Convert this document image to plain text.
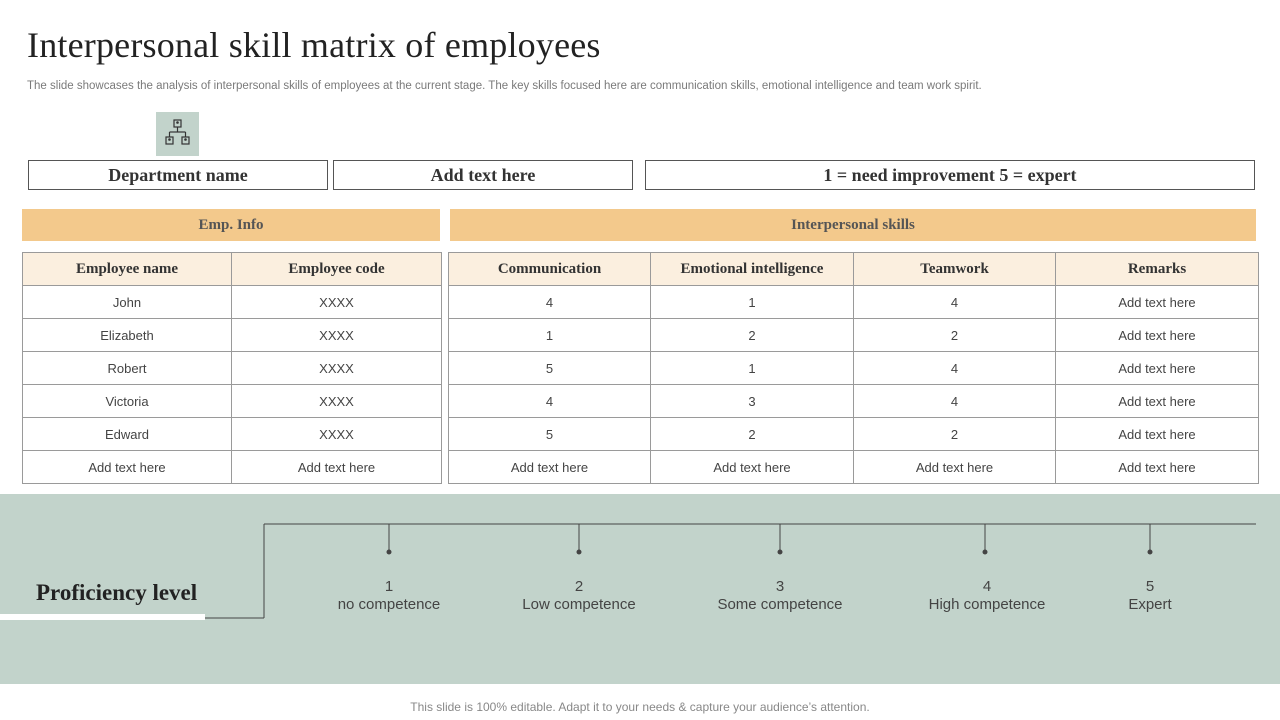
Interpersonal skill matrix of employees
The slide showcases the analysis of interpersonal skills of employees at the current stage. The key skills focused here are communication skills, emotional intelligence and team work spirit.
Department name	Add text here	1 = need improvement 5 = expert
Emp. Info	Interpersonal skills
Employee name	Employee code
John	XXXX
Elizabeth	XXXX
Robert	XXXX
Victoria	XXXX
Edward	XXXX
Add text here	Add text here
Communication	Emotional intelligence	Teamwork	Remarks
4	1	4	Add text here
1	2	2	Add text here
5	1	4	Add text here
4	3	4	Add text here
5	2	2	Add text here
Add text here	Add text here	Add text here	Add text here
Proficiency level	1
no competence
2
Low competence
3
Some competence
4
High competence
5
Expert
This slide is 100% editable. Adapt it to your needs & capture your audience’s attention.
